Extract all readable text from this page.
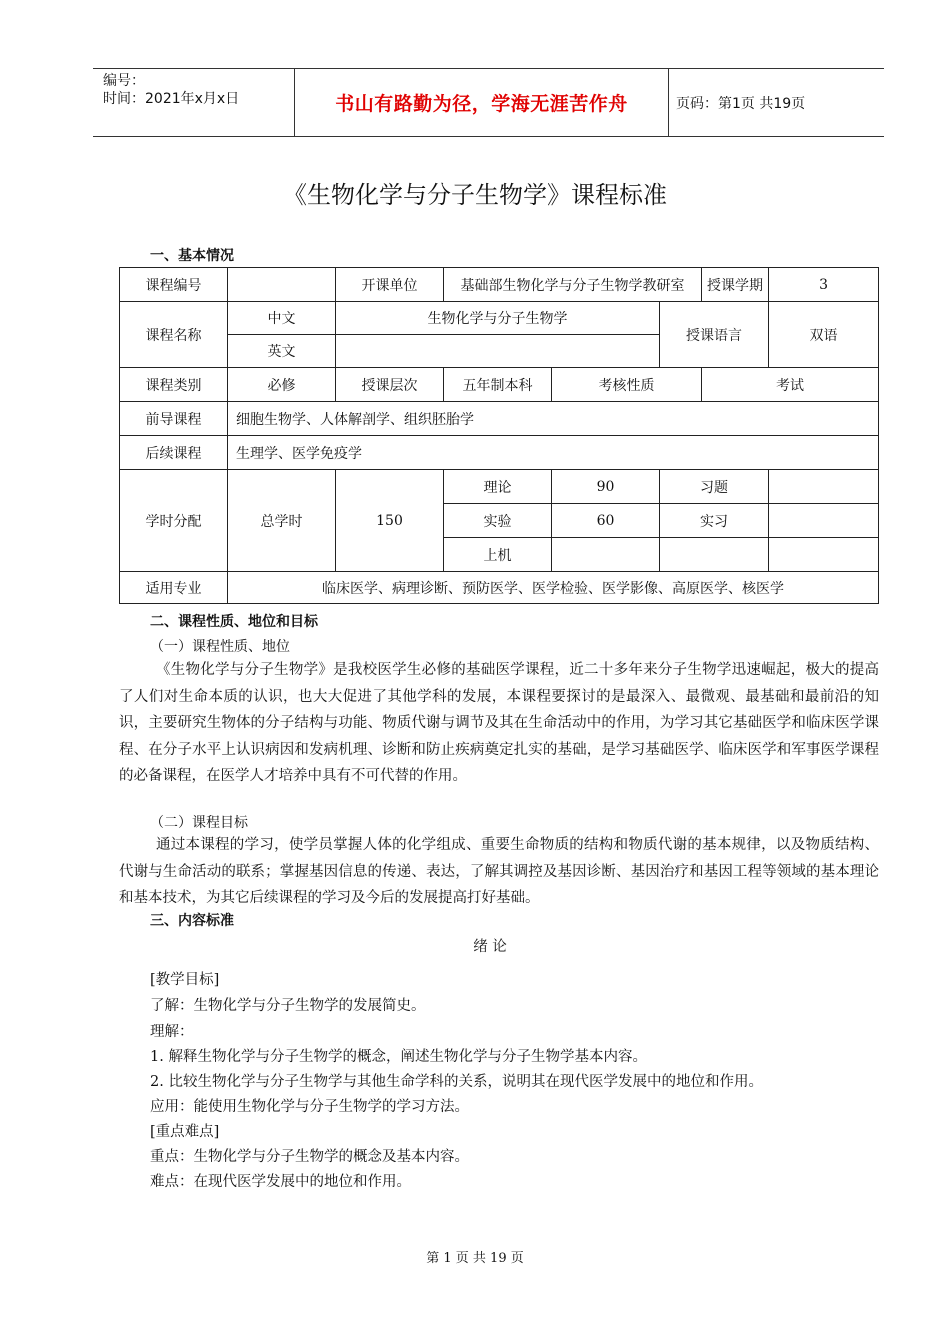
编号：
时间：2021年x月x日	书山有路勤为径，学海无涯苦作舟	页码：第1页 共19页
《生物化学与分子生物学》课程标准
一、基本情况
课程编号		开课单位	基础部生物化学与分子生物学教研室			授课学期	3
课程名称	中文	生物化学与分子生物学			授课语言		双语
	英文						
课程类别	必修	授课层次	五年制本科	考核性质		考试	
前导课程	细胞生物学、人体解剖学、组织胚胎学						
后续课程	生理学、医学免疫学						
学时分配	总学时	150	理论	90	习题		
			实验	60	实习		
			上机				
适用专业	临床医学、病理诊断、预防医学、医学检验、医学影像、高原医学、核医学						
二、课程性质、地位和目标
（一）课程性质、地位
《生物化学与分子生物学》是我校医学生必修的基础医学课程，近二十多年来分子生物学迅速崛起，极大的提高了人们对生命本质的认识，也大大促进了其他学科的发展，本课程要探讨的是最深入、最微观、最基础和最前沿的知识，主要研究生物体的分子结构与功能、物质代谢与调节及其在生命活动中的作用，为学习其它基础医学和临床医学课程、在分子水平上认识病因和发病机理、诊断和防止疾病奠定扎实的基础，是学习基础医学、临床医学和军事医学课程的必备课程，在医学人才培养中具有不可代替的作用。
（二）课程目标
通过本课程的学习，使学员掌握人体的化学组成、重要生命物质的结构和物质代谢的基本规律，以及物质结构、代谢与生命活动的联系；掌握基因信息的传递、表达，了解其调控及基因诊断、基因治疗和基因工程等领域的基本理论和基本技术，为其它后续课程的学习及今后的发展提高打好基础。
三、内容标准
绪 论
[教学目标]
了解：生物化学与分子生物学的发展简史。
理解：
1. 解释生物化学与分子生物学的概念，阐述生物化学与分子生物学基本内容。
2. 比较生物化学与分子生物学与其他生命学科的关系，说明其在现代医学发展中的地位和作用。
应用：能使用生物化学与分子生物学的学习方法。
[重点难点]
重点：生物化学与分子生物学的概念及基本内容。
难点：在现代医学发展中的地位和作用。
第 1 页 共 19 页
